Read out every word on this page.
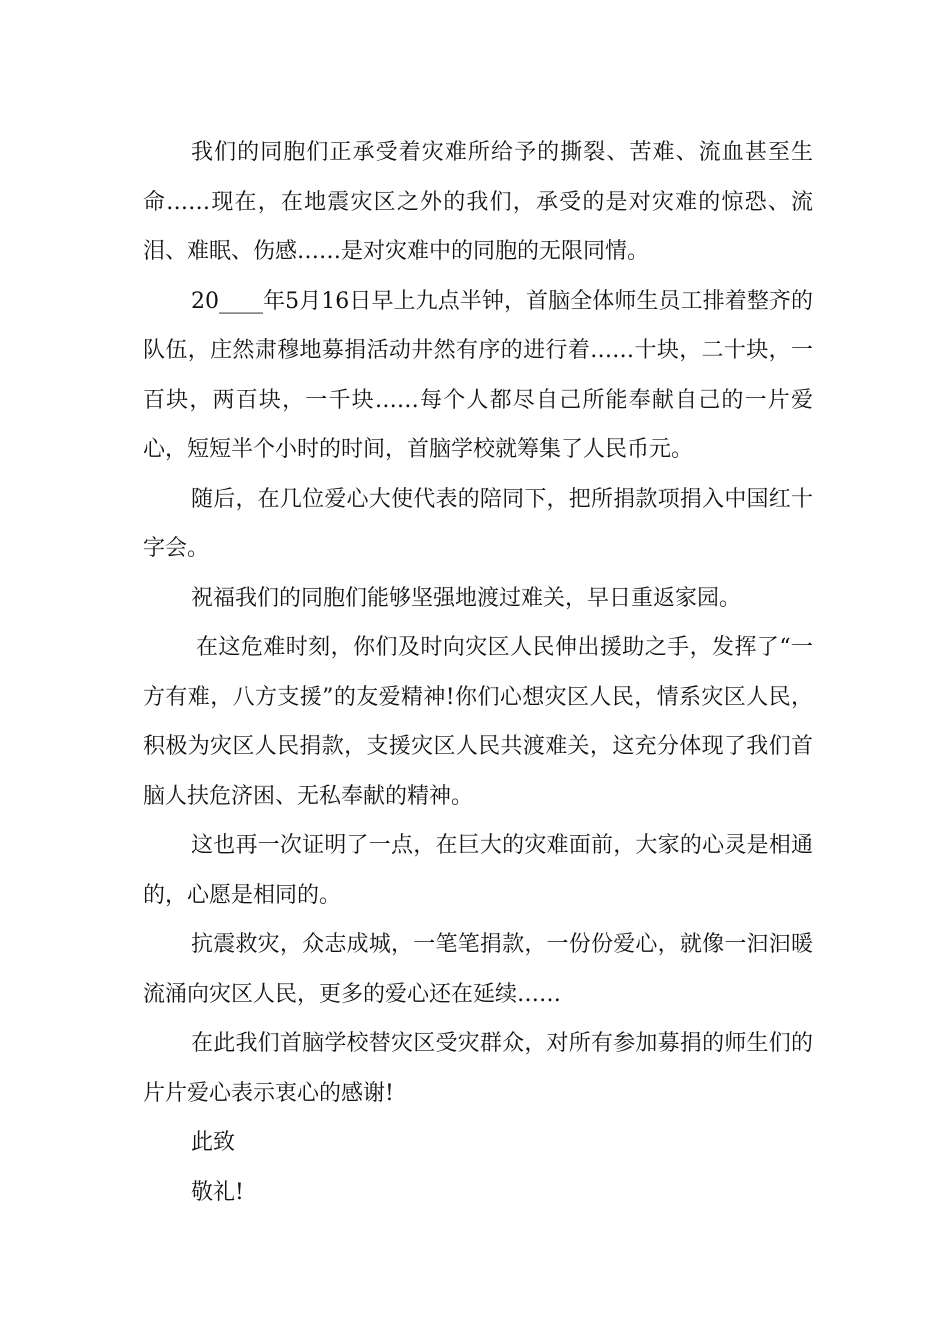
我们的同胞们正承受着灾难所给予的撕裂、苦难、流血甚至生命……现在，在地震灾区之外的我们，承受的是对灾难的惊恐、流泪、难眠、伤感……是对灾难中的同胞的无限同情。

20____年5月16日早上九点半钟，首脑全体师生员工排着整齐的队伍，庄然肃穆地募捐活动井然有序的进行着……十块，二十块，一百块，两百块，一千块……每个人都尽自己所能奉献自己的一片爱心，短短半个小时的时间，首脑学校就筹集了人民币元。

随后，在几位爱心大使代表的陪同下，把所捐款项捐入中国红十字会。

祝福我们的同胞们能够坚强地渡过难关，早日重返家园。

在这危难时刻，你们及时向灾区人民伸出援助之手，发挥了“一方有难，八方支援”的友爱精神!你们心想灾区人民，情系灾区人民，积极为灾区人民捐款，支援灾区人民共渡难关，这充分体现了我们首脑人扶危济困、无私奉献的精神。

这也再一次证明了一点，在巨大的灾难面前，大家的心灵是相通的，心愿是相同的。

抗震救灾，众志成城，一笔笔捐款，一份份爱心，就像一汩汩暖流涌向灾区人民，更多的爱心还在延续……

在此我们首脑学校替灾区受灾群众，对所有参加募捐的师生们的片片爱心表示衷心的感谢!

此致

敬礼!
